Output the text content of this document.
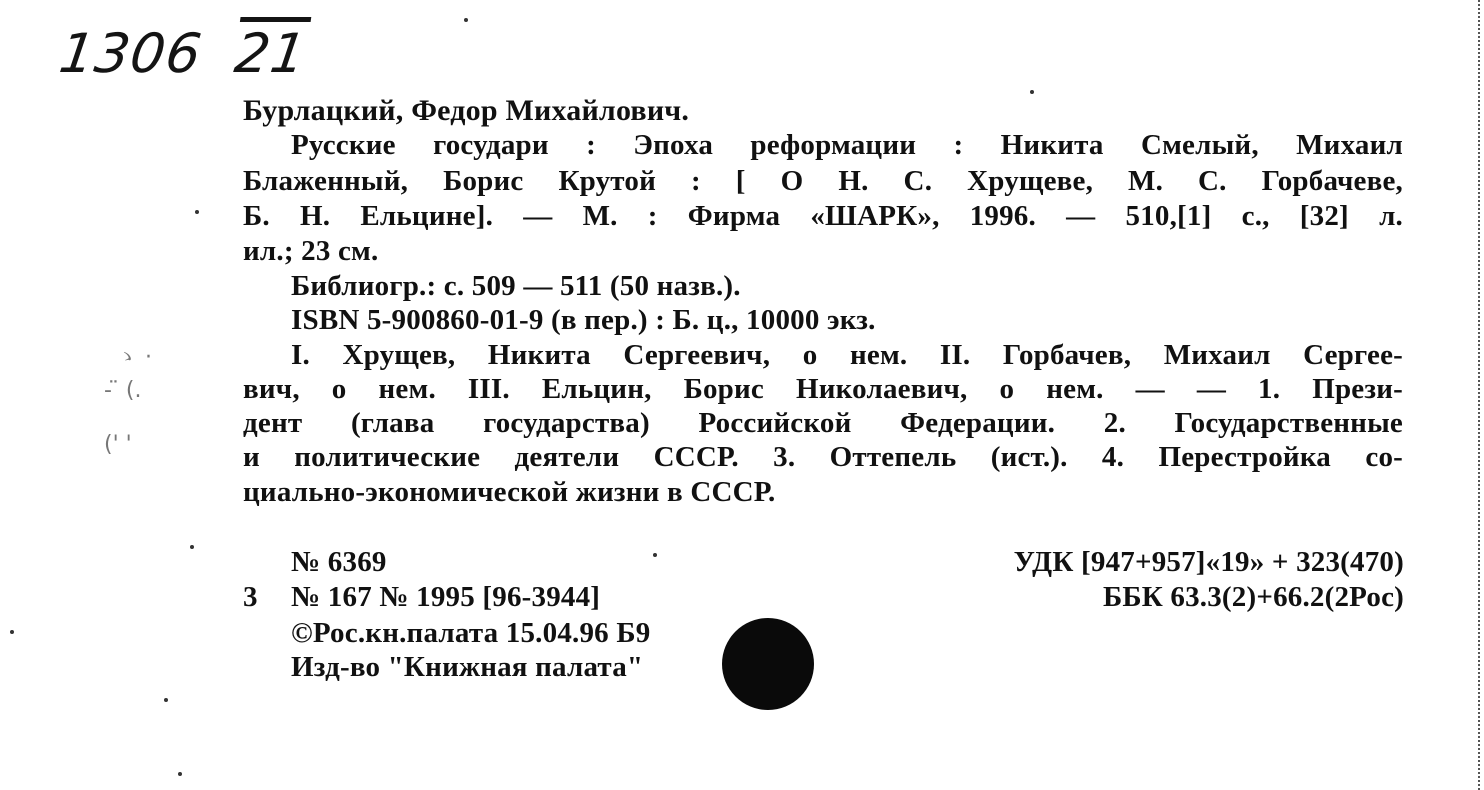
1306 21
Бурлацкий, Федор Михайлович.
Русские государи : Эпоха реформации : Никита Смелый, Михаил
Блаженный, Борис Крутой : [ О Н. С. Хрущеве, М. С. Горбачеве,
Б. Н. Ельцине]. — М. : Фирма «ШАРК», 1996. — 510,[1] с., [32] л.
ил.; 23 см.
Библиогр.: с. 509 — 511 (50 назв.).
ISBN 5-900860-01-9 (в пер.) : Б. ц., 10000 экз.
I. Хрущев, Никита Сергеевич, о нем. II. Горбачев, Михаил Сергее-
вич, о нем. III. Ельцин, Борис Николаевич, о нем. — — 1. Прези-
дент (глава государства) Российской Федерации. 2. Государственные
и политические деятели СССР. 3. Оттепель (ист.). 4. Перестройка со-
циально-экономической жизни в СССР.
№ 6369	УДК [947+957]«19» + 323(470)
3 № 167 № 1995 [96-3944]	ББК 63.3(2)+66.2(2Рос)
©Рос.кн.палата 15.04.96 Б9
Изд-во "Книжная палата"
ゝ ·
- ̈ (.
(' '
